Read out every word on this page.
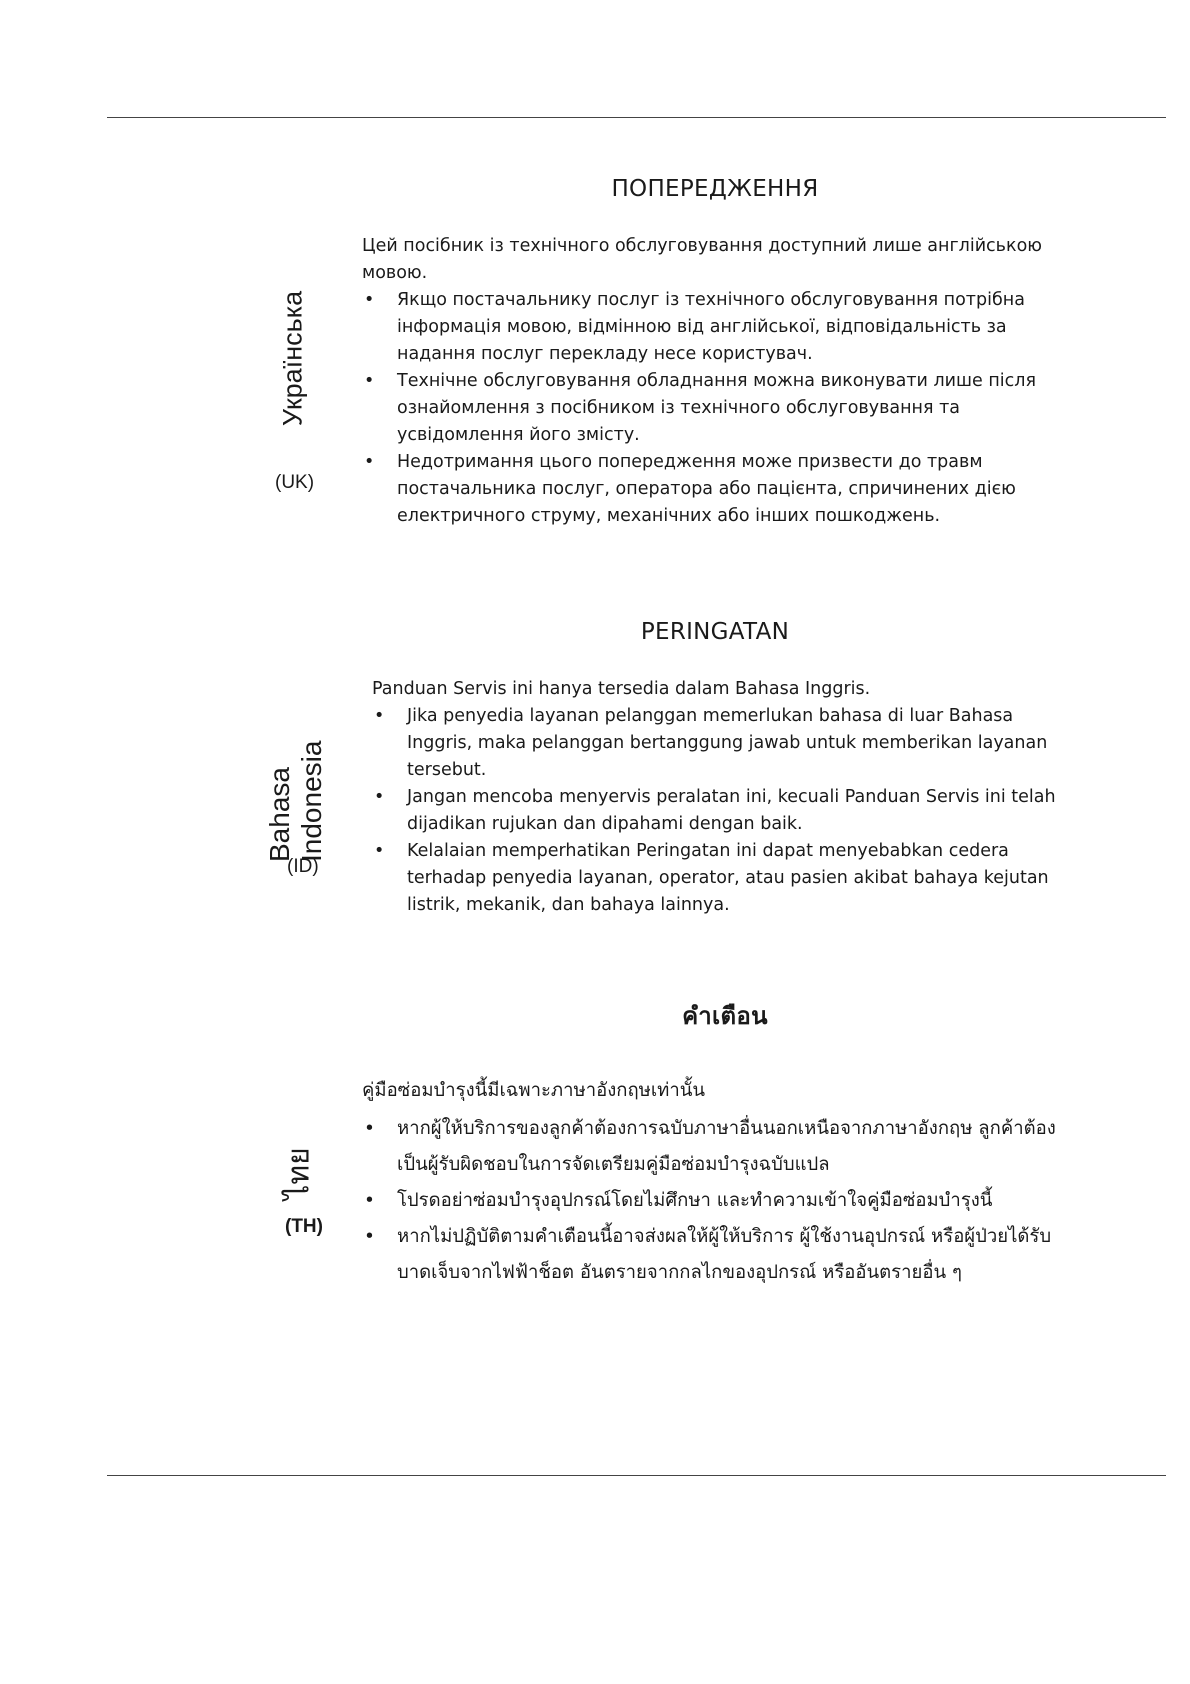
ПОПЕРЕДЖЕННЯ
Українська
(UK)

Цей посібник із технічного обслуговування доступний лише англійською мовою.

• Якщо постачальнику послуг із технічного обслуговування потрібна інформація мовою, відмінною від англійської, відповідальність за надання послуг перекладу несе користувач.
• Технічне обслуговування обладнання можна виконувати лише після ознайомлення з посібником із технічного обслуговування та усвідомлення його змісту.
• Недотримання цього попередження може призвести до травм постачальника послуг, оператора або пацієнта, спричинених дією електричного струму, механічних або інших пошкоджень.
PERINGATAN
Bahasa Indonesia
(ID)

Panduan Servis ini hanya tersedia dalam Bahasa Inggris.

• Jika penyedia layanan pelanggan memerlukan bahasa di luar Bahasa Inggris, maka pelanggan bertanggung jawab untuk memberikan layanan tersebut.
• Jangan mencoba menyervis peralatan ini, kecuali Panduan Servis ini telah dijadikan rujukan dan dipahami dengan baik.
• Kelalaian memperhatikan Peringatan ini dapat menyebabkan cedera terhadap penyedia layanan, operator, atau pasien akibat bahaya kejutan listrik, mekanik, dan bahaya lainnya.
คำเตือน
ไทย
(TH)

คู่มือซ่อมบำรุงนี้มีเฉพาะภาษาอังกฤษเท่านั้น

• หากผู้ให้บริการของลูกค้าต้องการฉบับภาษาอื่นนอกเหนือจากภาษาอังกฤษ ลูกค้าต้องเป็นผู้รับผิดชอบในการจัดเตรียมคู่มือซ่อมบำรุงฉบับแปล
• โปรดอย่าซ่อมบำรุงอุปกรณ์โดยไม่ศึกษา และทำความเข้าใจคู่มือซ่อมบำรุงนี้
• หากไม่ปฏิบัติตามคำเตือนนี้อาจส่งผลให้ผู้ให้บริการ ผู้ใช้งานอุปกรณ์ หรือผู้ป่วยได้รับบาดเจ็บจากไฟฟ้าช็อต อันตรายจากกลไกของอุปกรณ์ หรืออันตรายอื่น ๆ
